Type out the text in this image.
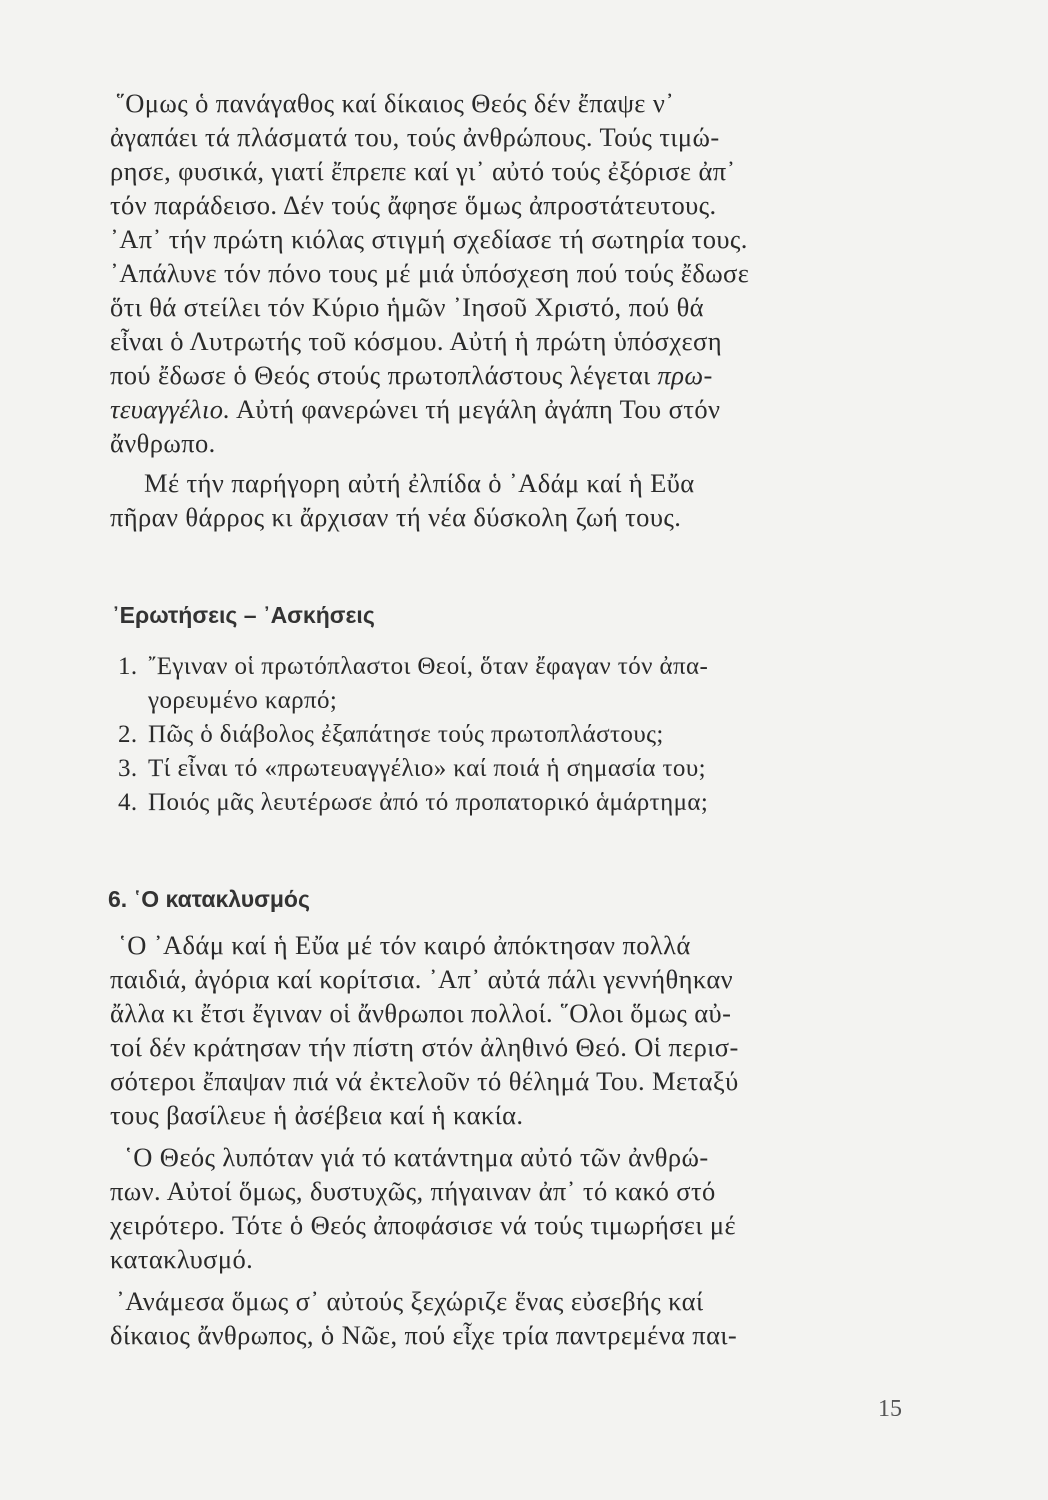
῞Ομως ὁ πανάγαθος καί δίκαιος Θεός δέν ἔπαψε ν᾿
ἀγαπάει τά πλάσματά του, τούς ἀνθρώπους. Τούς τιμώ-
ρησε, φυσικά, γιατί ἔπρεπε καί γι᾿ αὐτό τούς ἐξόρισε ἀπ᾿
τόν παράδεισο. Δέν τούς ἄφησε ὅμως ἀπροστάτευτους.
᾿Απ᾿ τήν πρώτη κιόλας στιγμή σχεδίασε τή σωτηρία τους.
᾿Απάλυνε τόν πόνο τους μέ μιά ὑπόσχεση πού τούς ἔδωσε
ὅτι θά στείλει τόν Κύριο ἡμῶν ᾿Ιησοῦ Χριστό, πού θά
εἶναι ὁ Λυτρωτής τοῦ κόσμου. Αὐτή ἡ πρώτη ὑπόσχεση
πού ἔδωσε ὁ Θεός στούς πρωτοπλάστους λέγεται πρω-
τευαγγέλιο. Αὐτή φανερώνει τή μεγάλη ἀγάπη Του στόν
ἄνθρωπο.
Μέ τήν παρήγορη αὐτή ἐλπίδα ὁ ᾿Αδάμ καί ἡ Εὔα
πῆραν θάρρος κι ἄρχισαν τή νέα δύσκολη ζωή τους.
᾿Ερωτήσεις – ᾿Ασκήσεις
1. ῎Εγιναν οἱ πρωτόπλαστοι Θεοί, ὅταν ἔφαγαν τόν ἀπα-
γορευμένο καρπό;
2. Πῶς ὁ διάβολος ἐξαπάτησε τούς πρωτοπλάστους;
3. Τί εἶναι τό «πρωτευαγγέλιο» καί ποιά ἡ σημασία του;
4. Ποιός μᾶς λευτέρωσε ἀπό τό προπατορικό ἁμάρτημα;
6. ῾Ο κατακλυσμός
῾Ο ᾿Αδάμ καί ἡ Εὔα μέ τόν καιρό ἀπόκτησαν πολλά
παιδιά, ἀγόρια καί κορίτσια. ᾿Απ᾿ αὐτά πάλι γεννήθηκαν
ἄλλα κι ἔτσι ἔγιναν οἱ ἄνθρωποι πολλοί. ῞Ολοι ὅμως αὐ-
τοί δέν κράτησαν τήν πίστη στόν ἀληθινό Θεό. Οἱ περισ-
σότεροι ἔπαψαν πιά νά ἐκτελοῦν τό θέλημά Του. Μεταξύ
τους βασίλευε ἡ ἀσέβεια καί ἡ κακία.
῾Ο Θεός λυπόταν γιά τό κατάντημα αὐτό τῶν ἀνθρώ-
πων. Αὐτοί ὅμως, δυστυχῶς, πήγαιναν ἀπ᾿ τό κακό στό
χειρότερο. Τότε ὁ Θεός ἀποφάσισε νά τούς τιμωρήσει μέ
κατακλυσμό.
᾿Ανάμεσα ὅμως σ᾿ αὐτούς ξεχώριζε ἕνας εὐσεβής καί
δίκαιος ἄνθρωπος, ὁ Νῶε, πού εἶχε τρία παντρεμένα παι-
15
